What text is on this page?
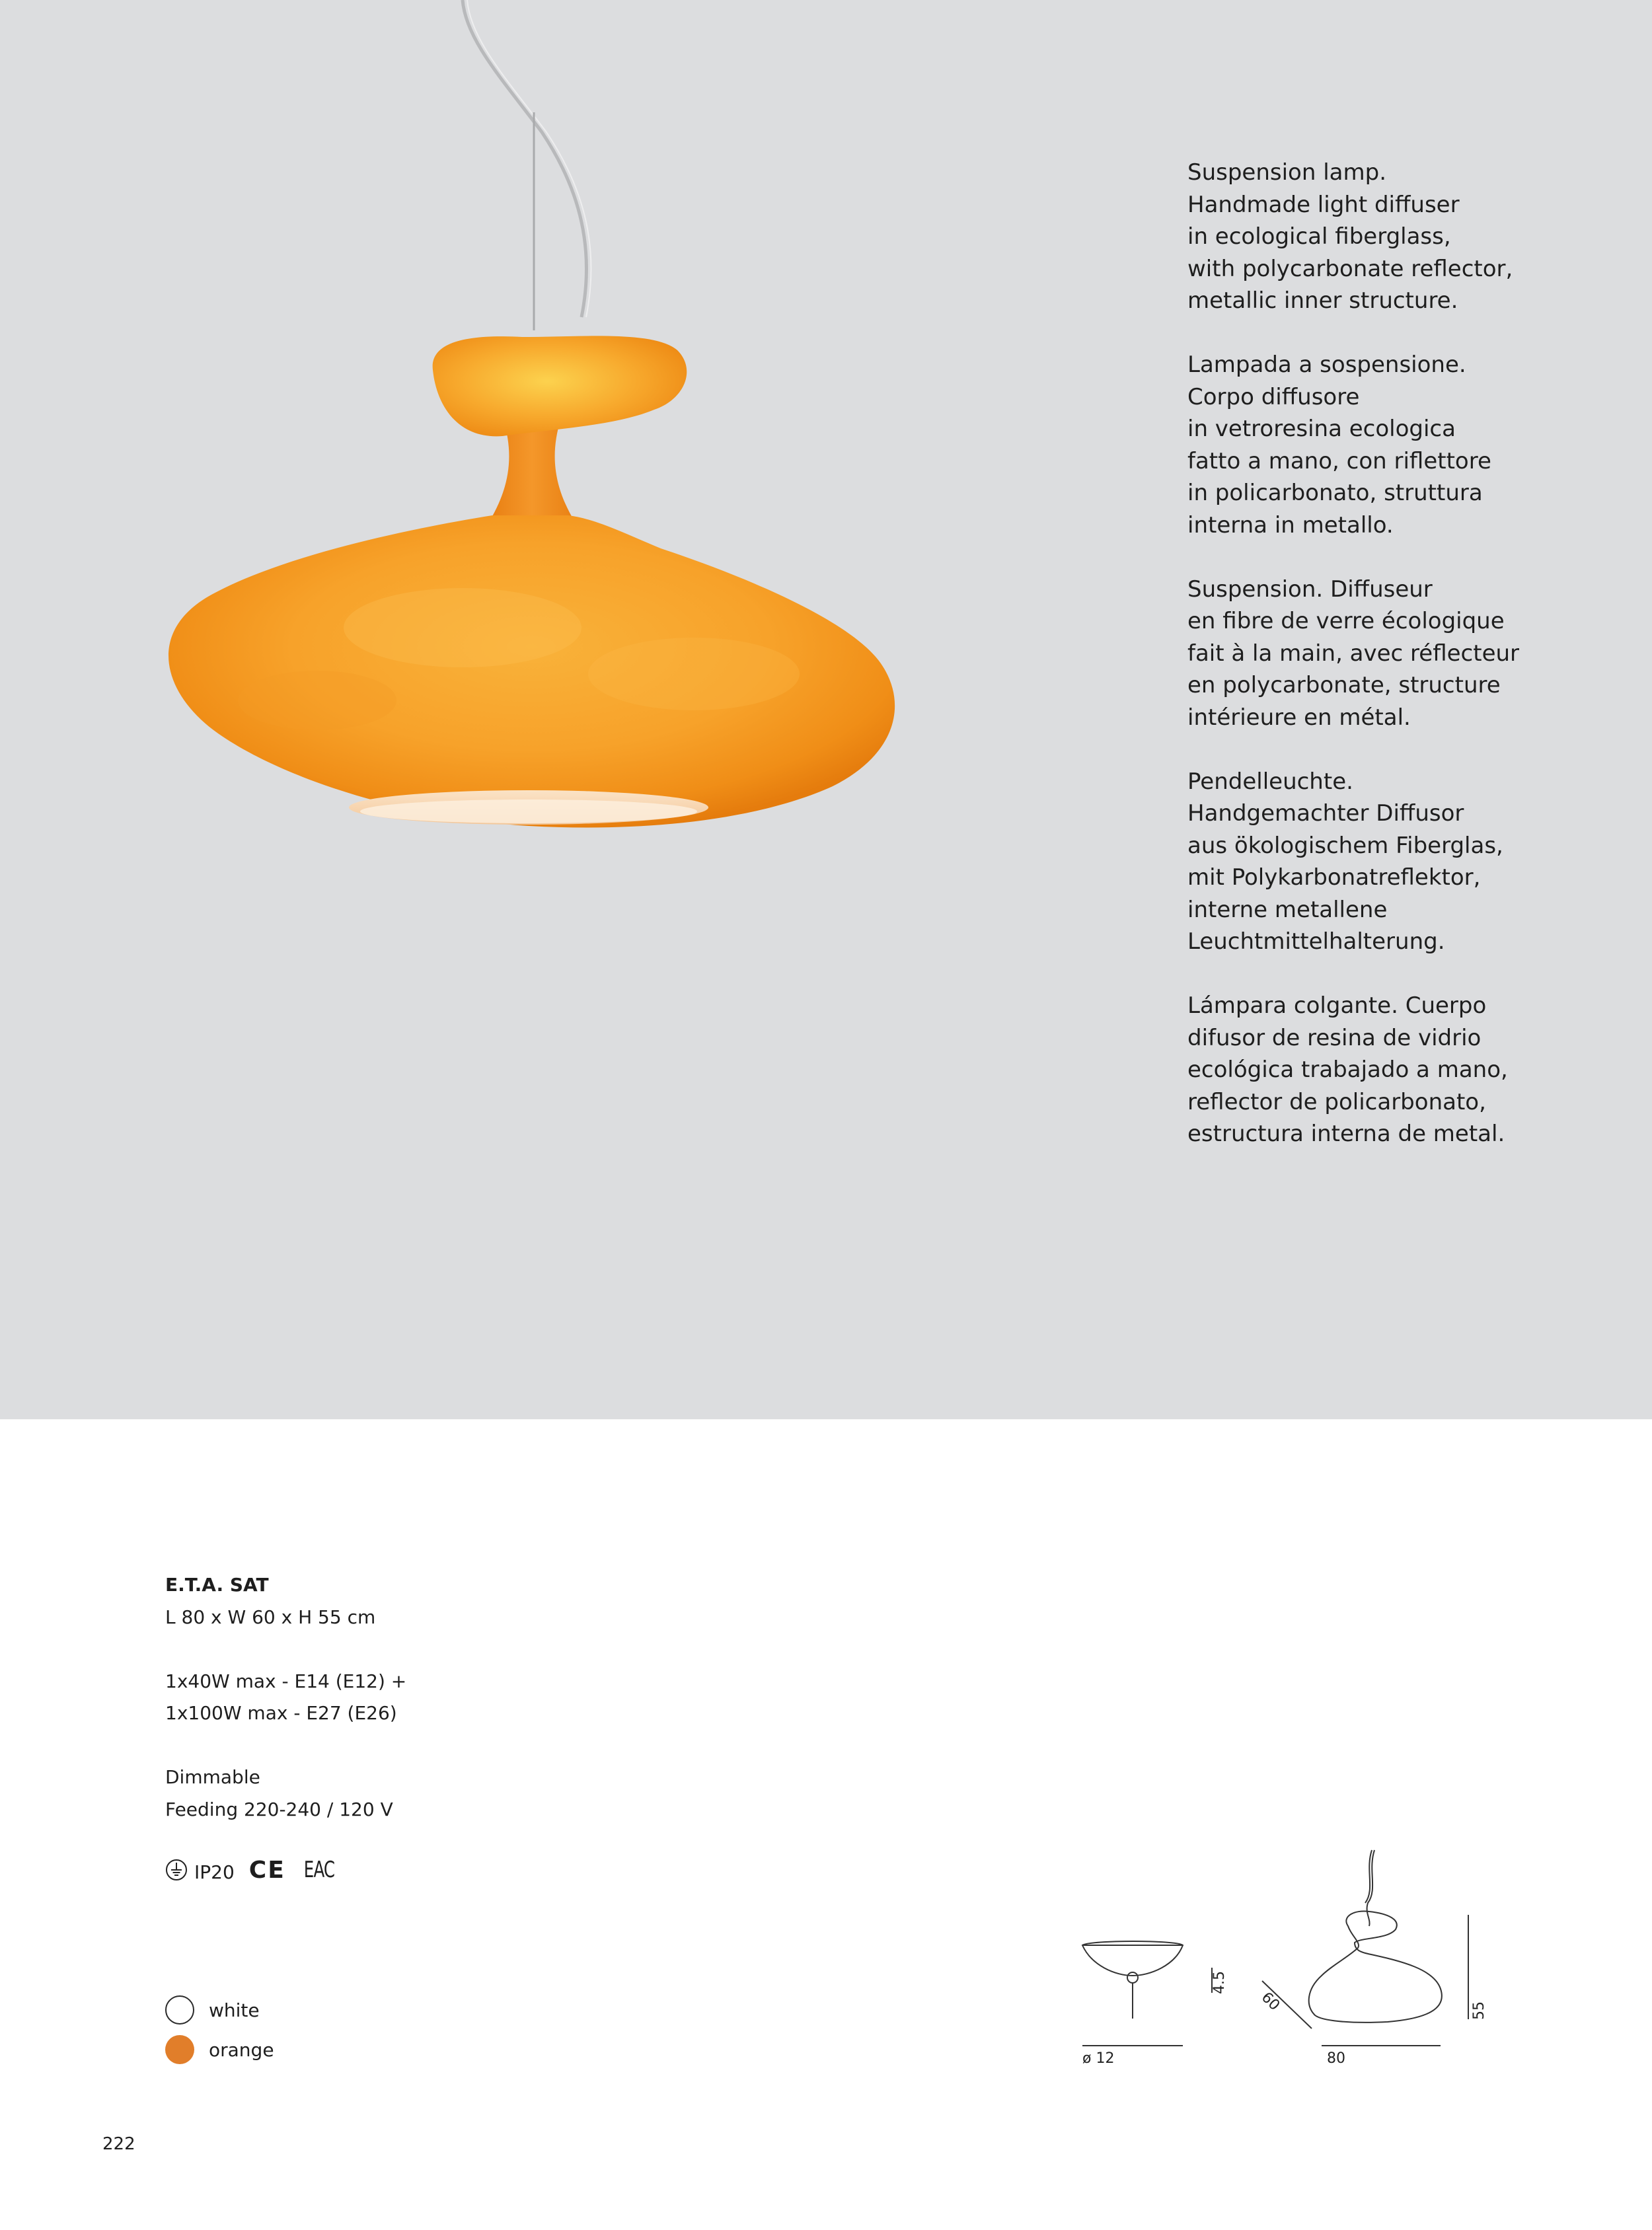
Suspension lamp.
Handmade light diffuser
in ecological fiberglass,
with polycarbonate reflector,
metallic inner structure.

Lampada a sospensione.
Corpo diffusore
in vetroresina ecologica
fatto a mano, con riflettore
in policarbonato, struttura
interna in metallo.

Suspension. Diffuseur
en fibre de verre écologique
fait à la main, avec réflecteur
en polycarbonate, structure
intérieure en métal.

Pendelleuchte.
Handgemachter Diffusor
aus ökologischem Fiberglas,
mit Polykarbonatreflektor,
interne metallene
Leuchtmittelhalterung.

Lámpara colgante. Cuerpo
difusor de resina de vidrio
ecológica trabajado a mano,
reflector de policarbonato,
estructura interna de metal.

E.T.A. SAT
L 80 x W 60 x H 55 cm
1x40W max - E14 (E12) +
1x100W max - E27 (E26)
Dimmable
Feeding 220-240 / 120 V
IP20 CE EAC
white
orange	ø 12
4.5
60
80
55
222
